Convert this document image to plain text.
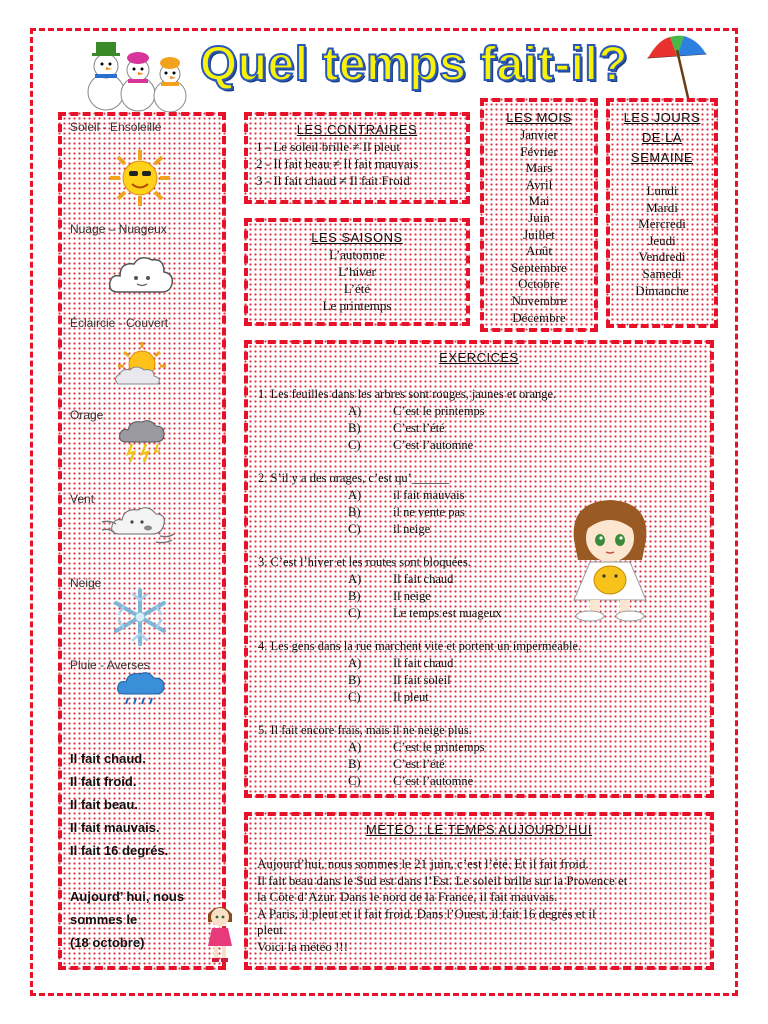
Quel temps fait-il?
Soleil - Ensoleillé
Nuage – Nuageux
Éclaircie - Couvert
Orage
Vent
Neige
Pluie - Averses
Il fait chaud.
Il fait froid.
Il fait beau.
Il fait mauvais.
Il fait 16 degrés.
Aujourd’ hui, nous
sommes le
(18 octobre)
LES CONTRAIRES
1 - Le soleil brille ≠ Il pleut
2 - Il fait beau ≠ Il fait mauvais
3 - Il fait chaud ≠ Il fait Froid
LES SAISONS
L’automne
L’hiver
L’été
Le printemps
LES MOIS
Janvier
Février
Mars
Avril
Mai
Juin
Juillet
Août
Septembre
Octobre
Novembre
Décembre
LES JOURS
DE LA
SEMAINE
Lundi
Mardi
Mercredi
Jeudi
Vendredi
Samedi
Dimanche
EXERCICES
1. Les feuilles dans les arbres sont rouges, jaunes et orange.
A)	C’est le printemps
B)	C’est l’été
C)	C’est l’automne
2. S’il y a des orages, c’est qu’______
A)	il fait mauvais
B)	il ne vente pas
C)	il neige
3. C’est l’hiver et les routes sont bloquées.
A)	Il fait chaud
B)	Il neige
C)	Le temps est nuageux
4. Les gens dans la rue marchent vite et portent un imperméable.
A)	Il fait chaud
B)	Il fait soleil
C)	Il pleut
5. Il fait encore frais, mais il ne neige plus.
A)	C’est le printemps
B)	C’est l’été
C)	C’est l’automne
MÉTÉO : LE TEMPS AUJOURD’HUI
Aujourd’hui, nous sommes le 21 juin, c’est l’été. Et il fait froid.
Il fait beau dans le Sud est dans l’Est. Le soleil brille sur la Provence et
la Côte d’Azur. Dans le nord de la France, il fait mauvais.
A Paris, il pleut et il fait froid. Dans l’Ouest, il fait 16 degrés et il
pleut.
Voici la météo !!!
